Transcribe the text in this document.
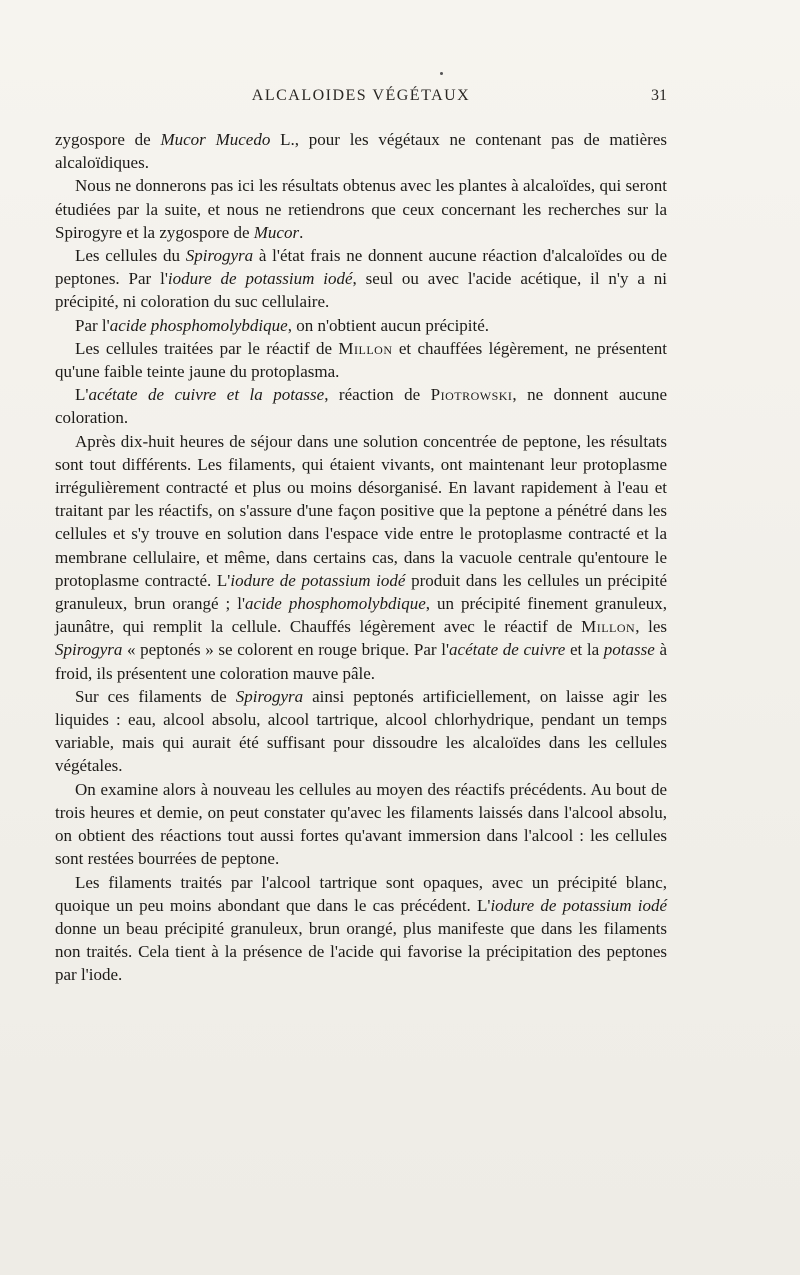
ALCALOIDES VÉGÉTAUX	31

zygospore de Mucor Mucedo L., pour les végétaux ne contenant pas de matières alcaloïdiques.

Nous ne donnerons pas ici les résultats obtenus avec les plantes à alcaloïdes, qui seront étudiées par la suite, et nous ne retiendrons que ceux concernant les recherches sur la Spirogyre et la zygospore de Mucor.

Les cellules du Spirogyra à l'état frais ne donnent aucune réaction d'alcaloïdes ou de peptones. Par l'iodure de potassium iodé, seul ou avec l'acide acétique, il n'y a ni précipité, ni coloration du suc cellulaire.

Par l'acide phosphomolybdique, on n'obtient aucun précipité.

Les cellules traitées par le réactif de Millon et chauffées légèrement, ne présentent qu'une faible teinte jaune du protoplasma.

L'acétate de cuivre et la potasse, réaction de Piotrowski, ne donnent aucune coloration.

Après dix-huit heures de séjour dans une solution concentrée de peptone, les résultats sont tout différents. Les filaments, qui étaient vivants, ont maintenant leur protoplasme irrégulièrement contracté et plus ou moins désorganisé. En lavant rapidement à l'eau et traitant par les réactifs, on s'assure d'une façon positive que la peptone a pénétré dans les cellules et s'y trouve en solution dans l'espace vide entre le protoplasme contracté et la membrane cellulaire, et même, dans certains cas, dans la vacuole centrale qu'entoure le protoplasme contracté. L'iodure de potassium iodé produit dans les cellules un précipité granuleux, brun orangé ; l'acide phosphomolybdique, un précipité finement granuleux, jaunâtre, qui remplit la cellule. Chauffés légèrement avec le réactif de Millon, les Spirogyra « peptonés » se colorent en rouge brique. Par l'acétate de cuivre et la potasse à froid, ils présentent une coloration mauve pâle.

Sur ces filaments de Spirogyra ainsi peptonés artificiellement, on laisse agir les liquides : eau, alcool absolu, alcool tartrique, alcool chlorhydrique, pendant un temps variable, mais qui aurait été suffisant pour dissoudre les alcaloïdes dans les cellules végétales.

On examine alors à nouveau les cellules au moyen des réactifs précédents. Au bout de trois heures et demie, on peut constater qu'avec les filaments laissés dans l'alcool absolu, on obtient des réactions tout aussi fortes qu'avant immersion dans l'alcool : les cellules sont restées bourrées de peptone.

Les filaments traités par l'alcool tartrique sont opaques, avec un précipité blanc, quoique un peu moins abondant que dans le cas précédent. L'iodure de potassium iodé donne un beau précipité granuleux, brun orangé, plus manifeste que dans les filaments non traités. Cela tient à la présence de l'acide qui favorise la précipitation des peptones par l'iode.
